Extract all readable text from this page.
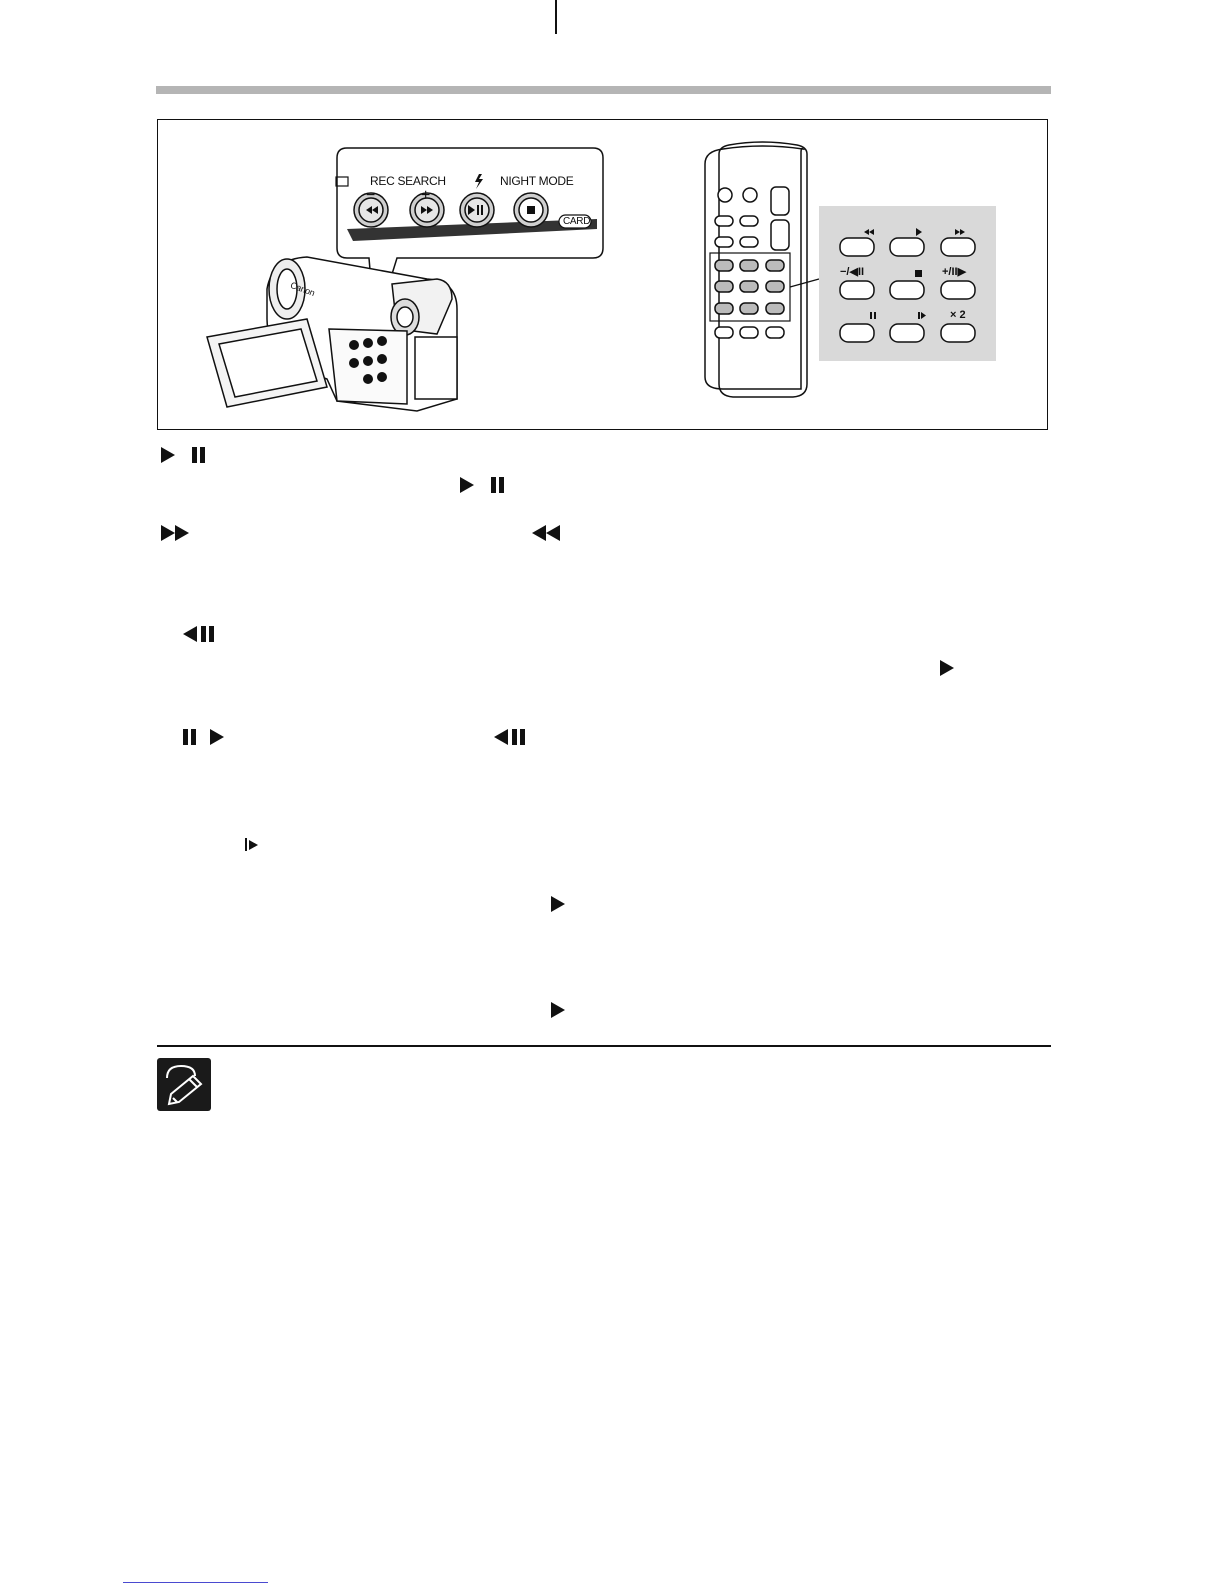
REC SEARCH	NIGHT MODE
−	+
CARD
Canon
−/◀II	+/II▶
× 2
